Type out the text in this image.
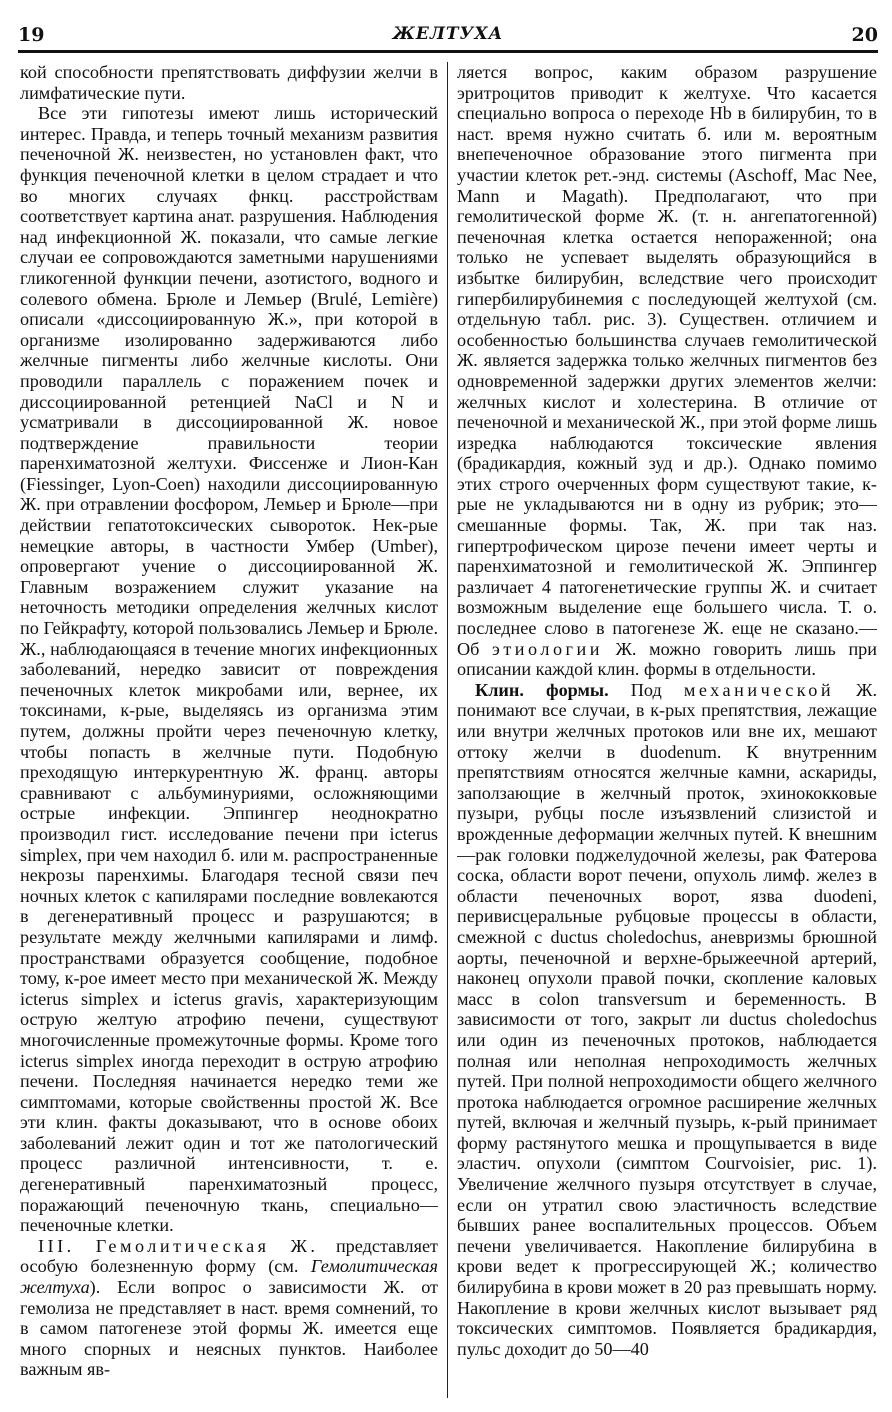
19	ЖЕЛТУХА	20

кой способности препятствовать диффузии желчи в лимфатические пути.

Все эти гипотезы имеют лишь исторический интерес. Правда, и теперь точный механизм развития печеночной Ж. неизвестен, но установлен факт, что функция печеночной клетки в целом страдает и что во многих случаях фнкц. расстройствам соответствует картина анат. разрушения. Наблюдения над инфекционной Ж. показали, что самые легкие случаи ее сопровождаются заметными нарушениями гликогенной функции печени, азотистого, водного и солевого обмена. Брюле и Лемьер (Brulé, Lemière) описали «диссоциированную Ж.», при которой в организме изолированно задерживаются либо желчные пигменты либо желчные кислоты. Они проводили параллель с поражением почек и диссоциированной ретенцией NaCl и N и усматривали в диссоциированной Ж. новое подтверждение правильности теории паренхиматозной желтухи. Фиссенже и Лион-Кан (Fiessinger, Lyon-Coen) находили диссоциированную Ж. при отравлении фосфором, Лемьер и Брюле—при действии гепатотоксических сывороток. Нек-рые немецкие авторы, в частности Умбер (Umber), опровергают учение о диссоциированной Ж. Главным возражением служит указание на неточность методики определения желчных кислот по Гейкрафту, которой пользовались Лемьер и Брюле. Ж., наблюдающаяся в течение многих инфекционных заболеваний, нередко зависит от повреждения печеночных клеток микробами или, вернее, их токсинами, к-рые, выделяясь из организма этим путем, должны пройти через печеночную клетку, чтобы попасть в желчные пути. Подобную преходящую интеркурентную Ж. франц. авторы сравнивают с альбуминуриями, осложняющими острые инфекции. Эппингер неоднократно производил гист. исследование печени при icterus simplex, при чем находил б. или м. распространенные некрозы паренхимы. Благодаря тесной связи печ ночных клеток с капилярами последние вовлекаются в дегенеративный процесс и разрушаются; в результате между желчными капилярами и лимф. пространствами образуется сообщение, подобное тому, к-рое имеет место при механической Ж. Между icterus simplex и icterus gravis, характеризующим острую желтую атрофию печени, существуют многочисленные промежуточные формы. Кроме того icterus simplex иногда переходит в острую атрофию печени. Последняя начинается нередко теми же симптомами, которые свойственны простой Ж. Все эти клин. факты доказывают, что в основе обоих заболеваний лежит один и тот же патологический процесс различной интенсивности, т. е. дегенеративный паренхиматозный процесс, поражающий печеночную ткань, специально—печеночные клетки.

III. Гемолитическая Ж. представляет особую болезненную форму (см. Гемолитическая желтуха). Если вопрос о зависимости Ж. от гемолиза не представляет в наст. время сомнений, то в самом патогенезе этой формы Ж. имеется еще много спорных и неясных пунктов. Наиболее важным яв-

ляется вопрос, каким образом разрушение эритроцитов приводит к желтухе. Что касается специально вопроса о переходе Hb в билирубин, то в наст. время нужно считать б. или м. вероятным внепеченочное образование этого пигмента при участии клеток рет.-энд. системы (Aschoff, Mac Nee, Mann и Magath). Предполагают, что при гемолитической форме Ж. (т. н. ангепатогенной) печеночная клетка остается непораженной; она только не успевает выделять образующийся в избытке билирубин, вследствие чего происходит гипербилирубинемия с последующей желтухой (см. отдельную табл. рис. 3). Существен. отличием и особенностью большинства случаев гемолитической Ж. является задержка только желчных пигментов без одновременной задержки других элементов желчи: желчных кислот и холестерина. В отличие от печеночной и механической Ж., при этой форме лишь изредка наблюдаются токсические явления (брадикардия, кожный зуд и др.). Однако помимо этих строго очерченных форм существуют такие, к-рые не укладываются ни в одну из рубрик; это—смешанные формы. Так, Ж. при так наз. гипертрофическом цирозе печени имеет черты и паренхиматозной и гемолитической Ж. Эппингер различает 4 патогенетические группы Ж. и считает возможным выделение еще большего числа. Т. о. последнее слово в патогенезе Ж. еще не сказано.— Об этиологии Ж. можно говорить лишь при описании каждой клин. формы в отдельности.

Клин. формы. Под механической Ж. понимают все случаи, в к-рых препятствия, лежащие или внутри желчных протоков или вне их, мешают оттоку желчи в duodenum. К внутренним препятствиям относятся желчные камни, аскариды, заползающие в желчный проток, эхинококковые пузыри, рубцы после изъязвлений слизистой и врожденные деформации желчных путей. К внешним—рак головки поджелудочной железы, рак Фатерова соска, области ворот печени, опухоль лимф. желез в области печеночных ворот, язва duodeni, перивисцеральные рубцовые процессы в области, смежной с ductus choledochus, аневризмы брюшной аорты, печеночной и верхне-брыжеечной артерий, наконец опухоли правой почки, скопление каловых масс в colon transversum и беременность. В зависимости от того, закрыт ли ductus choledochus или один из печеночных протоков, наблюдается полная или неполная непроходимость желчных путей. При полной непроходимости общего желчного протока наблюдается огромное расширение желчных путей, включая и желчный пузырь, к-рый принимает форму растянутого мешка и прощупывается в виде эластич. опухоли (симптом Courvoisier, рис. 1). Увеличение желчного пузыря отсутствует в случае, если он утратил свою эластичность вследствие бывших ранее воспалительных процессов. Объем печени увеличивается. Накопление билирубина в крови ведет к прогрессирующей Ж.; количество билирубина в крови может в 20 раз превышать норму. Накопление в крови желчных кислот вызывает ряд токсических симптомов. Появляется брадикардия, пульс доходит до 50—40
